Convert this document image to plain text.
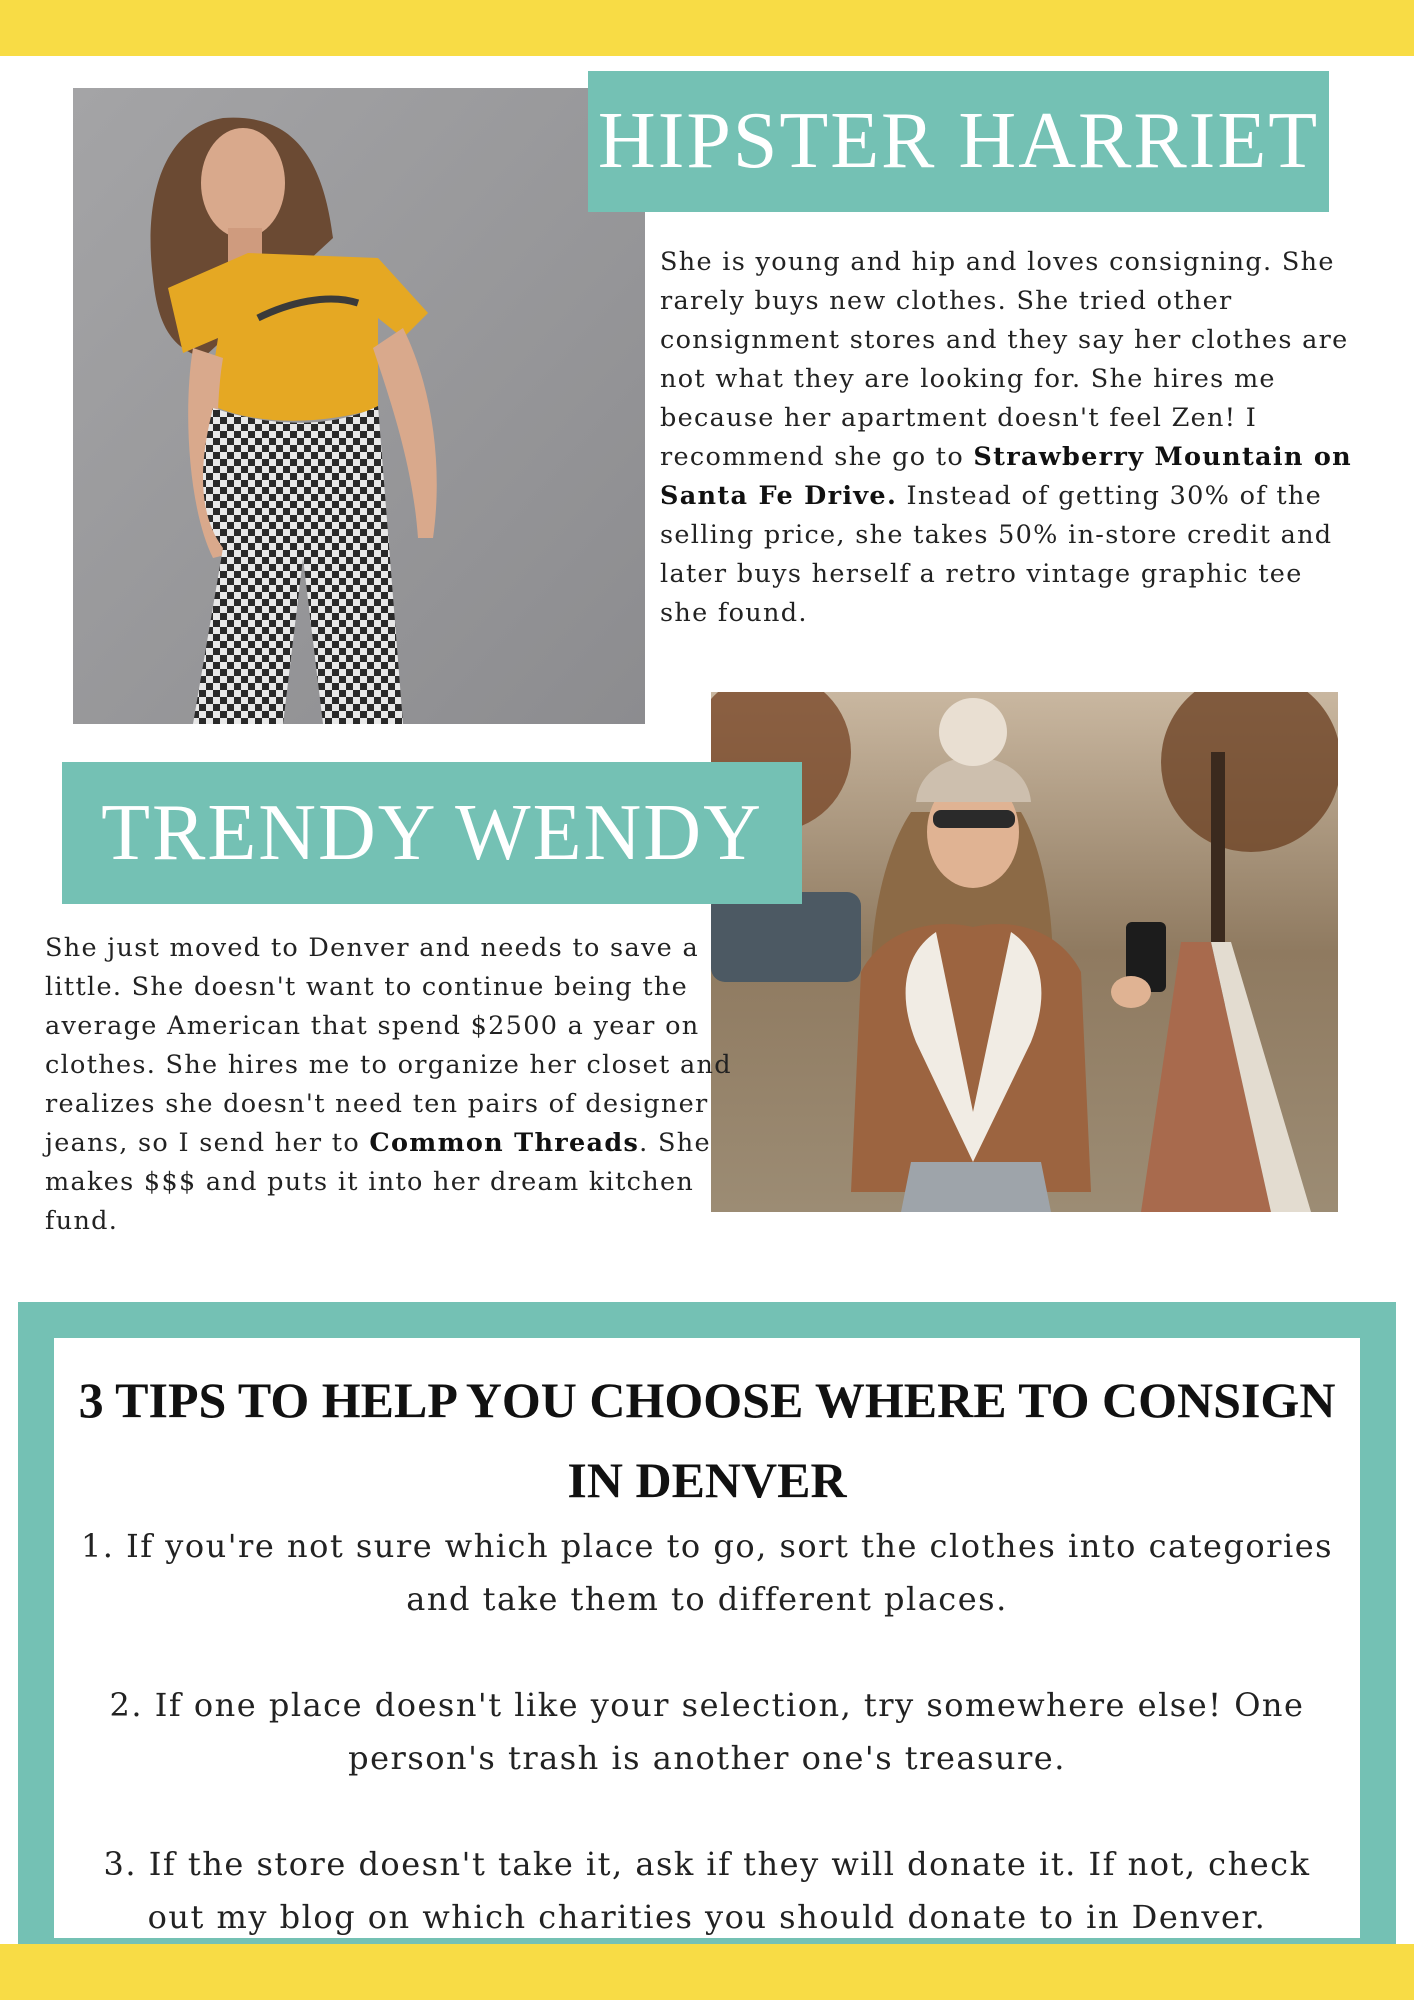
HIPSTER HARRIET

She is young and hip and loves consigning. She rarely buys new clothes. She tried other consignment stores and they say her clothes are not what they are looking for. She hires me because her apartment doesn't feel Zen! I recommend she go to Strawberry Mountain on Santa Fe Drive. Instead of getting 30% of the selling price, she takes 50% in-store credit and later buys herself a retro vintage graphic tee she found.

TRENDY WENDY

She just moved to Denver and needs to save a little. She doesn't want to continue being the average American that spend $2500 a year on clothes. She hires me to organize her closet and realizes she doesn't need ten pairs of designer jeans, so I send her to Common Threads. She makes $$$ and puts it into her dream kitchen fund.

3 TIPS TO HELP YOU CHOOSE WHERE TO CONSIGN IN DENVER

1. If you're not sure which place to go, sort the clothes into categories and take them to different places.

2. If one place doesn't like your selection, try somewhere else! One person's trash is another one's treasure.

3. If the store doesn't take it, ask if they will donate it. If not, check out my blog on which charities you should donate to in Denver.
